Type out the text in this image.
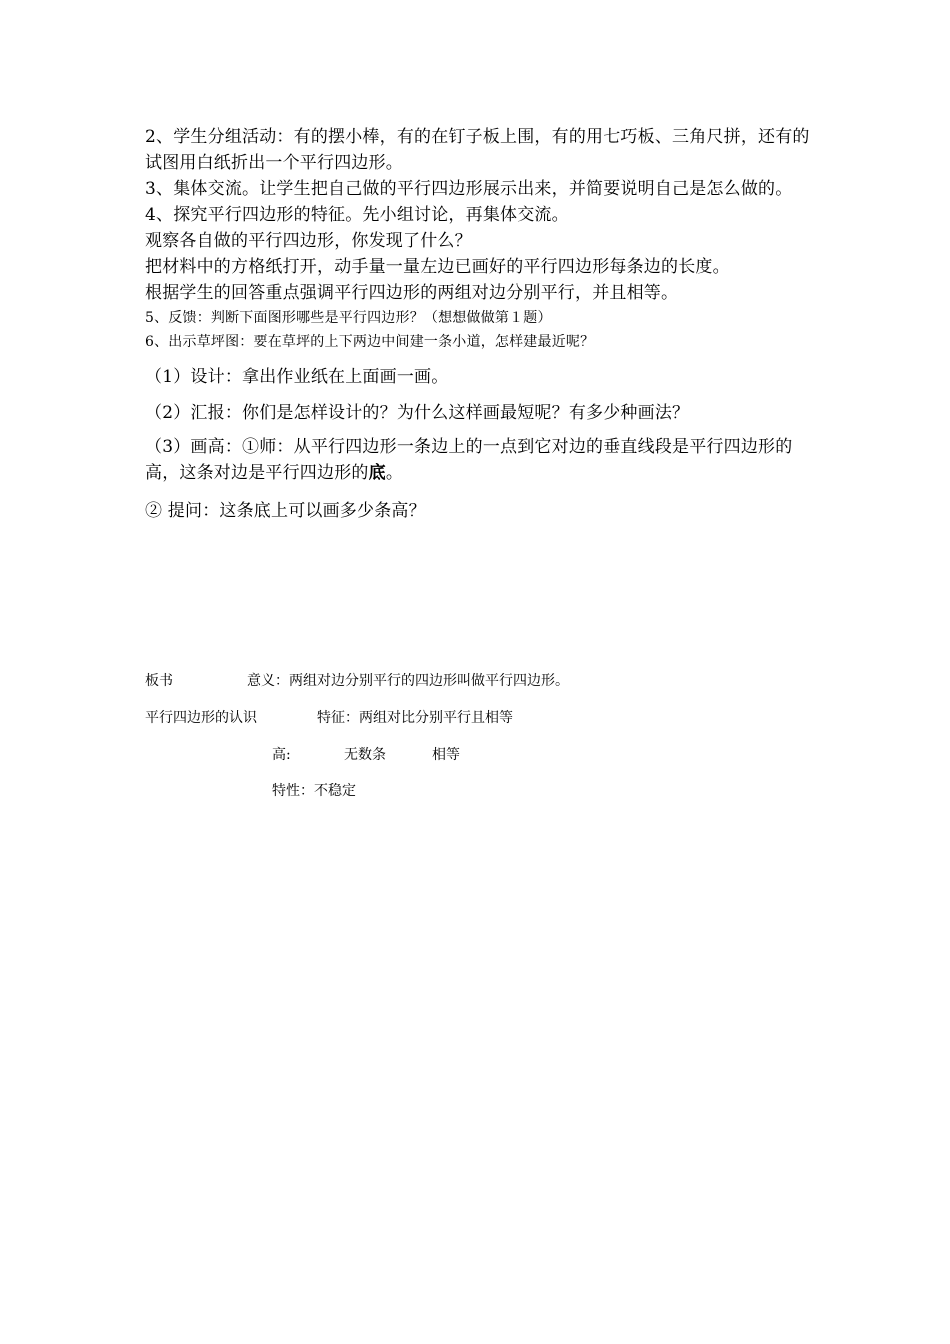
2、学生分组活动：有的摆小棒，有的在钉子板上围，有的用七巧板、三角尺拼，还有的试图用白纸折出一个平行四边形。

3、集体交流。让学生把自己做的平行四边形展示出来，并简要说明自己是怎么做的。

4、探究平行四边形的特征。先小组讨论，再集体交流。

观察各自做的平行四边形，你发现了什么？

把材料中的方格纸打开，动手量一量左边已画好的平行四边形每条边的长度。

根据学生的回答重点强调平行四边形的两组对边分别平行，并且相等。

5、反馈：判断下面图形哪些是平行四边形？（想想做做第１题）

6、出示草坪图：要在草坪的上下两边中间建一条小道，怎样建最近呢？

（1）设计：拿出作业纸在上面画一画。

（2）汇报：你们是怎样设计的？为什么这样画最短呢？有多少种画法？

（3）画高：①师：从平行四边形一条边上的一点到它对边的垂直线段是平行四边形的高，这条对边是平行四边形的底。

② 提问：这条底上可以画多少条高？

板书	意义：两组对边分别平行的四边形叫做平行四边形。
平行四边形的认识	特征：两组对比分别平行且相等
高:	无数条	相等
特性：不稳定
